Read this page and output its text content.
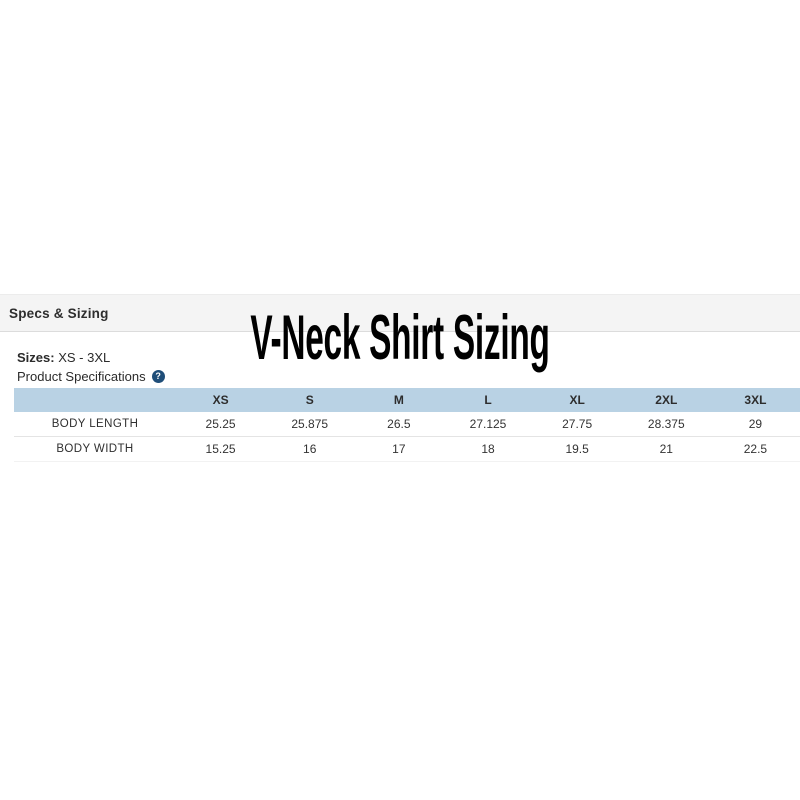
Specs & Sizing	V-Neck Shirt Sizing
Sizes: XS - 3XL
Product Specifications	?
	XS	S	M	L	XL	2XL	3XL
BODY LENGTH	25.25	25.875	26.5	27.125	27.75	28.375	29
BODY WIDTH	15.25	16	17	18	19.5	21	22.5
